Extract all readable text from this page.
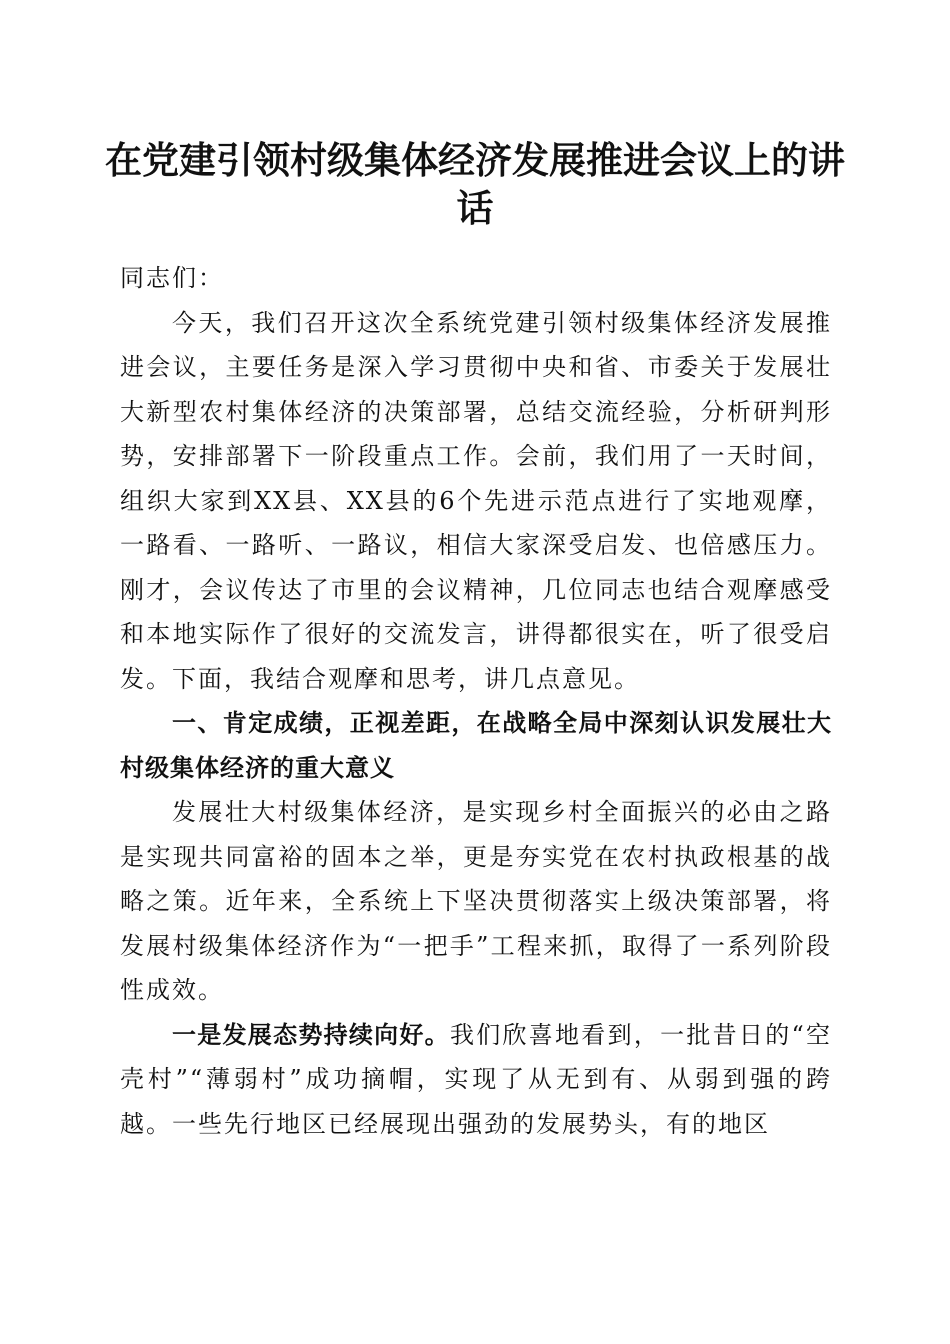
在党建引领村级集体经济发展推进会议上的讲话

同志们：

今天，我们召开这次全系统党建引领村级集体经济发展推进会议，主要任务是深入学习贯彻中央和省、市委关于发展壮大新型农村集体经济的决策部署，总结交流经验，分析研判形势，安排部署下一阶段重点工作。会前，我们用了一天时间，组织大家到XX县、XX县的6个先进示范点进行了实地观摩，一路看、一路听、一路议，相信大家深受启发、也倍感压力。刚才，会议传达了市里的会议精神，几位同志也结合观摩感受和本地实际作了很好的交流发言，讲得都很实在，听了很受启发。下面，我结合观摩和思考，讲几点意见。

一、肯定成绩，正视差距，在战略全局中深刻认识发展壮大村级集体经济的重大意义

发展壮大村级集体经济，是实现乡村全面振兴的必由之路是实现共同富裕的固本之举，更是夯实党在农村执政根基的战略之策。近年来，全系统上下坚决贯彻落实上级决策部署，将发展村级集体经济作为“一把手”工程来抓，取得了一系列阶段性成效。

一是发展态势持续向好。我们欣喜地看到，一批昔日的“空壳村”“薄弱村”成功摘帽，实现了从无到有、从弱到强的跨越。一些先行地区已经展现出强劲的发展势头，有的地区
